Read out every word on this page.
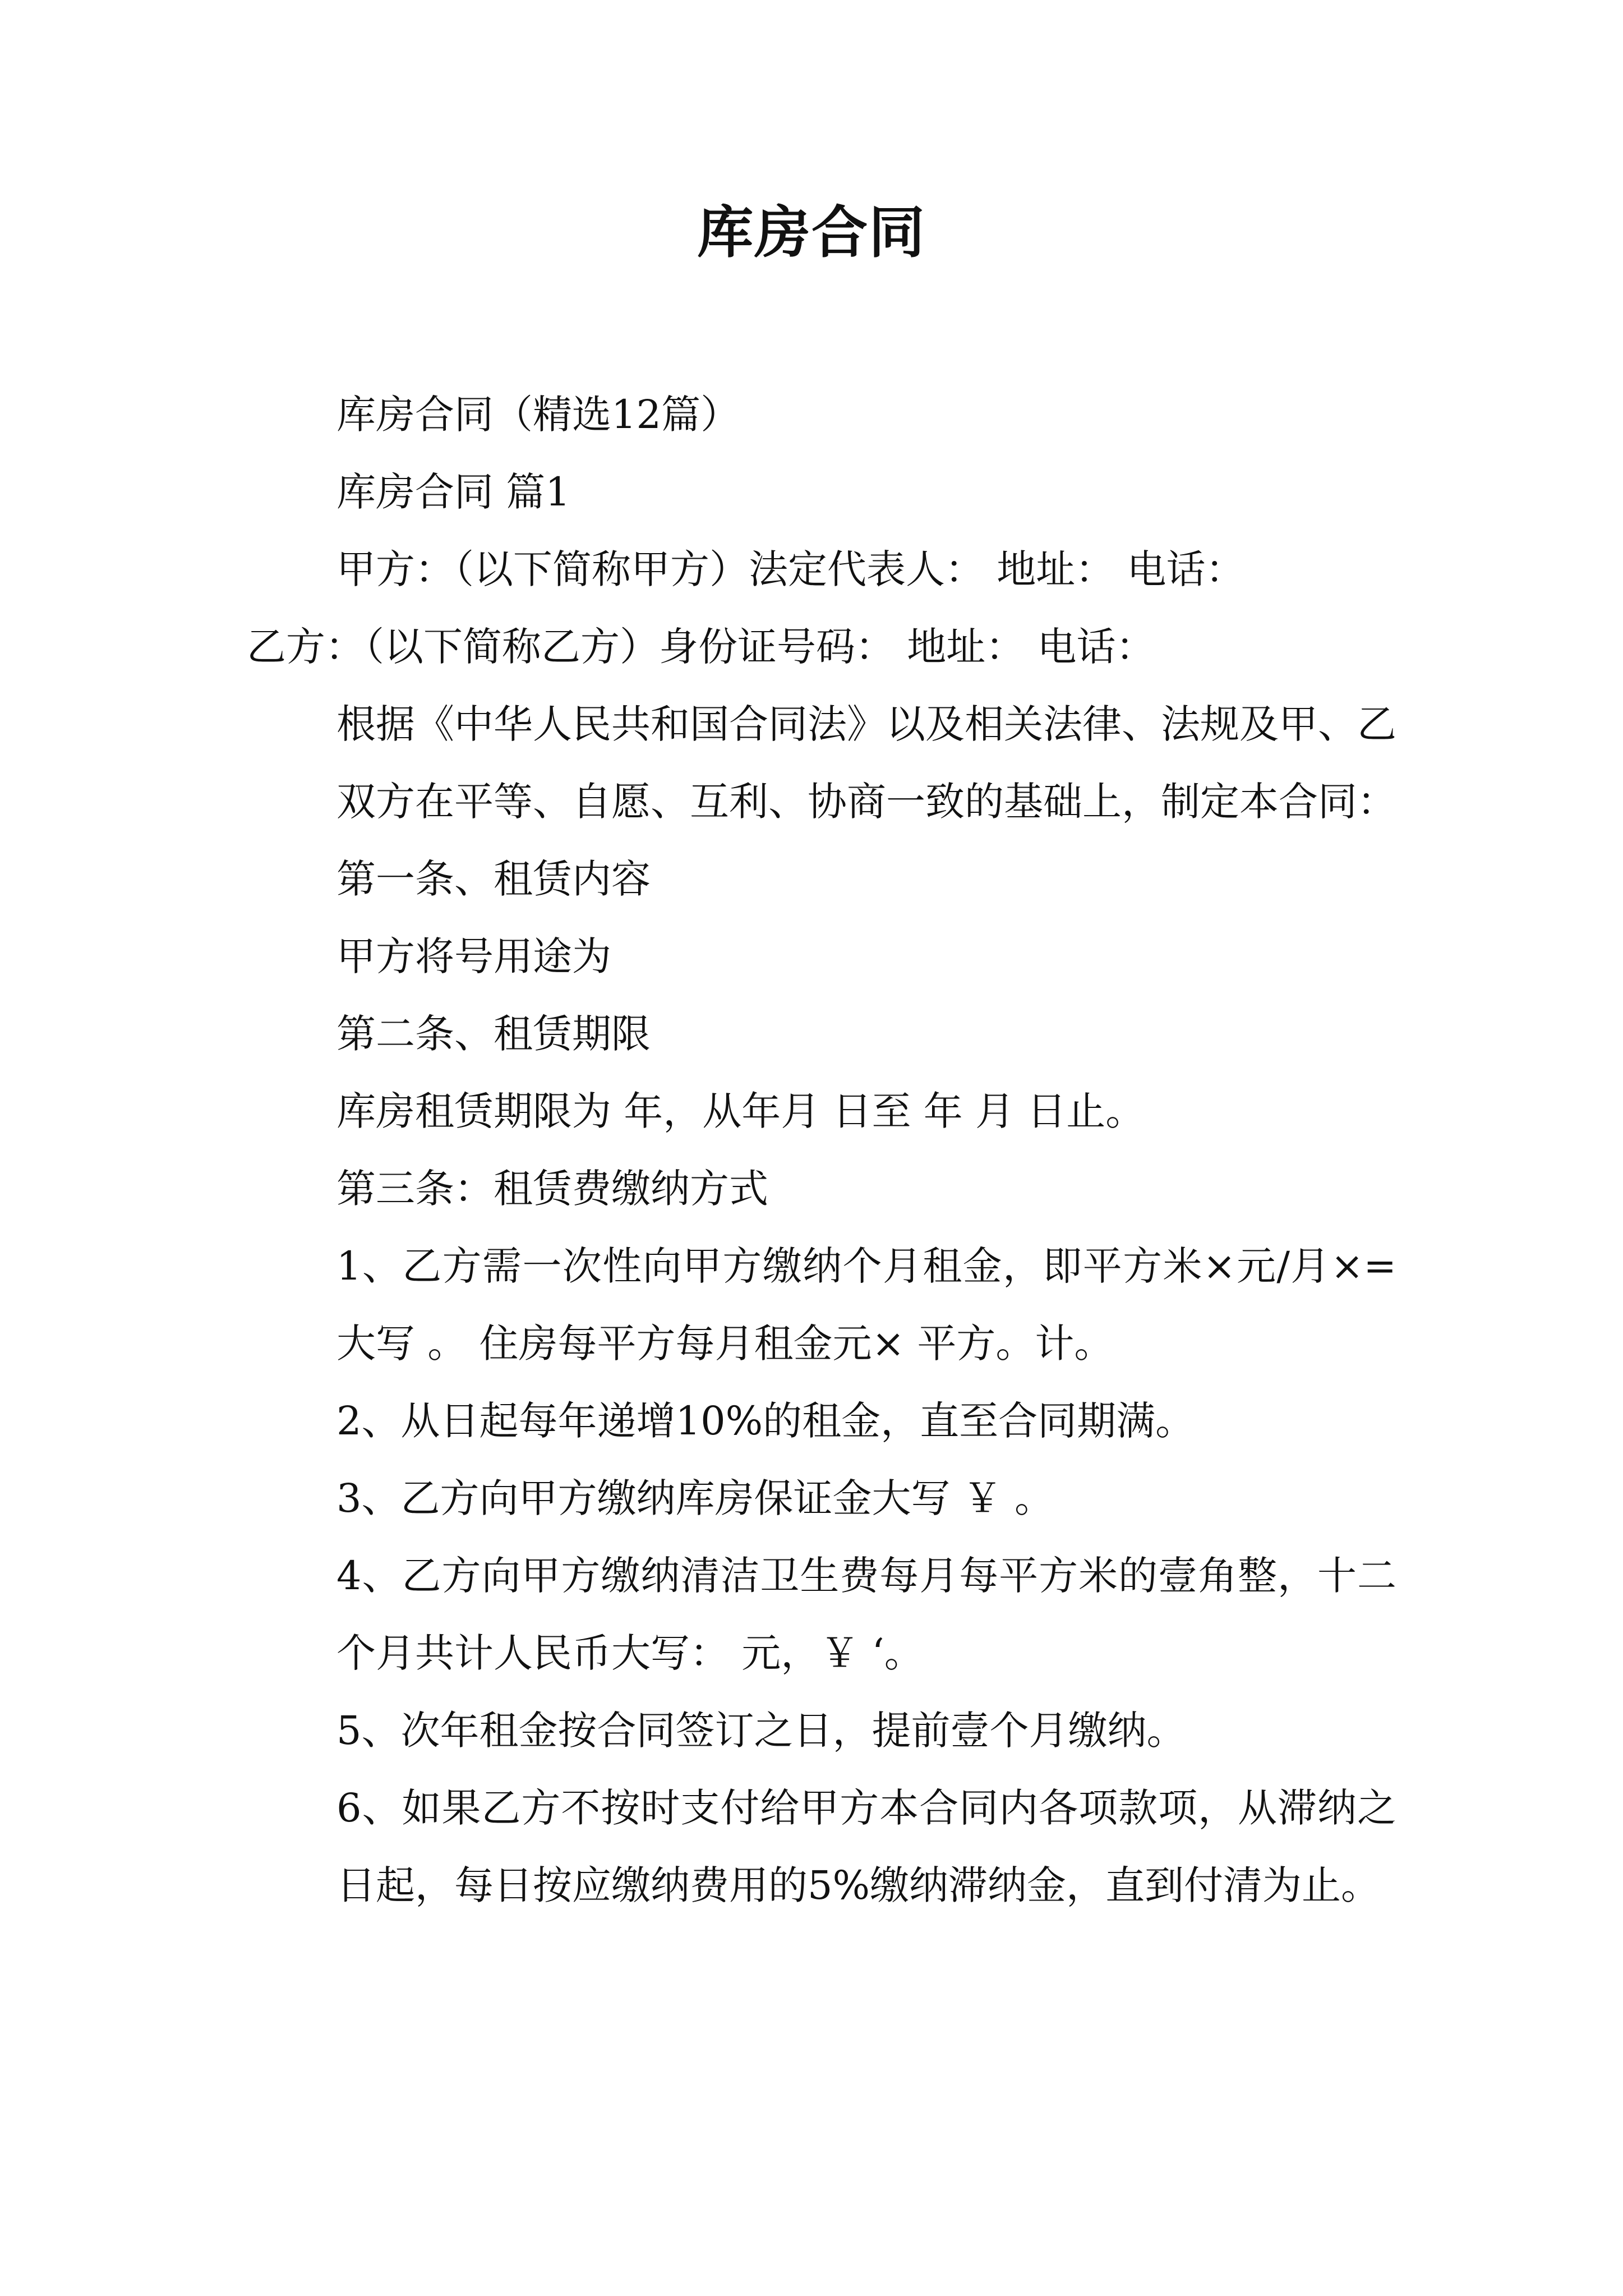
库房合同

库房合同（精选12篇）

库房合同 篇1

甲方：（以下简称甲方）法定代表人： 地址： 电话：

乙方：（以下简称乙方）身份证号码： 地址： 电话：

根据《中华人民共和国合同法》以及相关法律、法规及甲、乙双方在平等、自愿、互利、协商一致的基础上，制定本合同：

第一条、租赁内容

甲方将号用途为

第二条、租赁期限

库房租赁期限为 年，从年月 日至 年 月 日止。

第三条：租赁费缴纳方式

1、乙方需一次性向甲方缴纳个月租金，即平方米×元/月×=大写 。 住房每平方每月租金元× 平方。计。

2、从日起每年递增10%的租金，直至合同期满。

3、乙方向甲方缴纳库房保证金大写 ￥ 。

4、乙方向甲方缴纳清洁卫生费每月每平方米的壹角整，十二个月共计人民币大写： 元，￥ ‘。

5、次年租金按合同签订之日，提前壹个月缴纳。

6、如果乙方不按时支付给甲方本合同内各项款项，从滞纳之日起，每日按应缴纳费用的5%缴纳滞纳金，直到付清为止。
